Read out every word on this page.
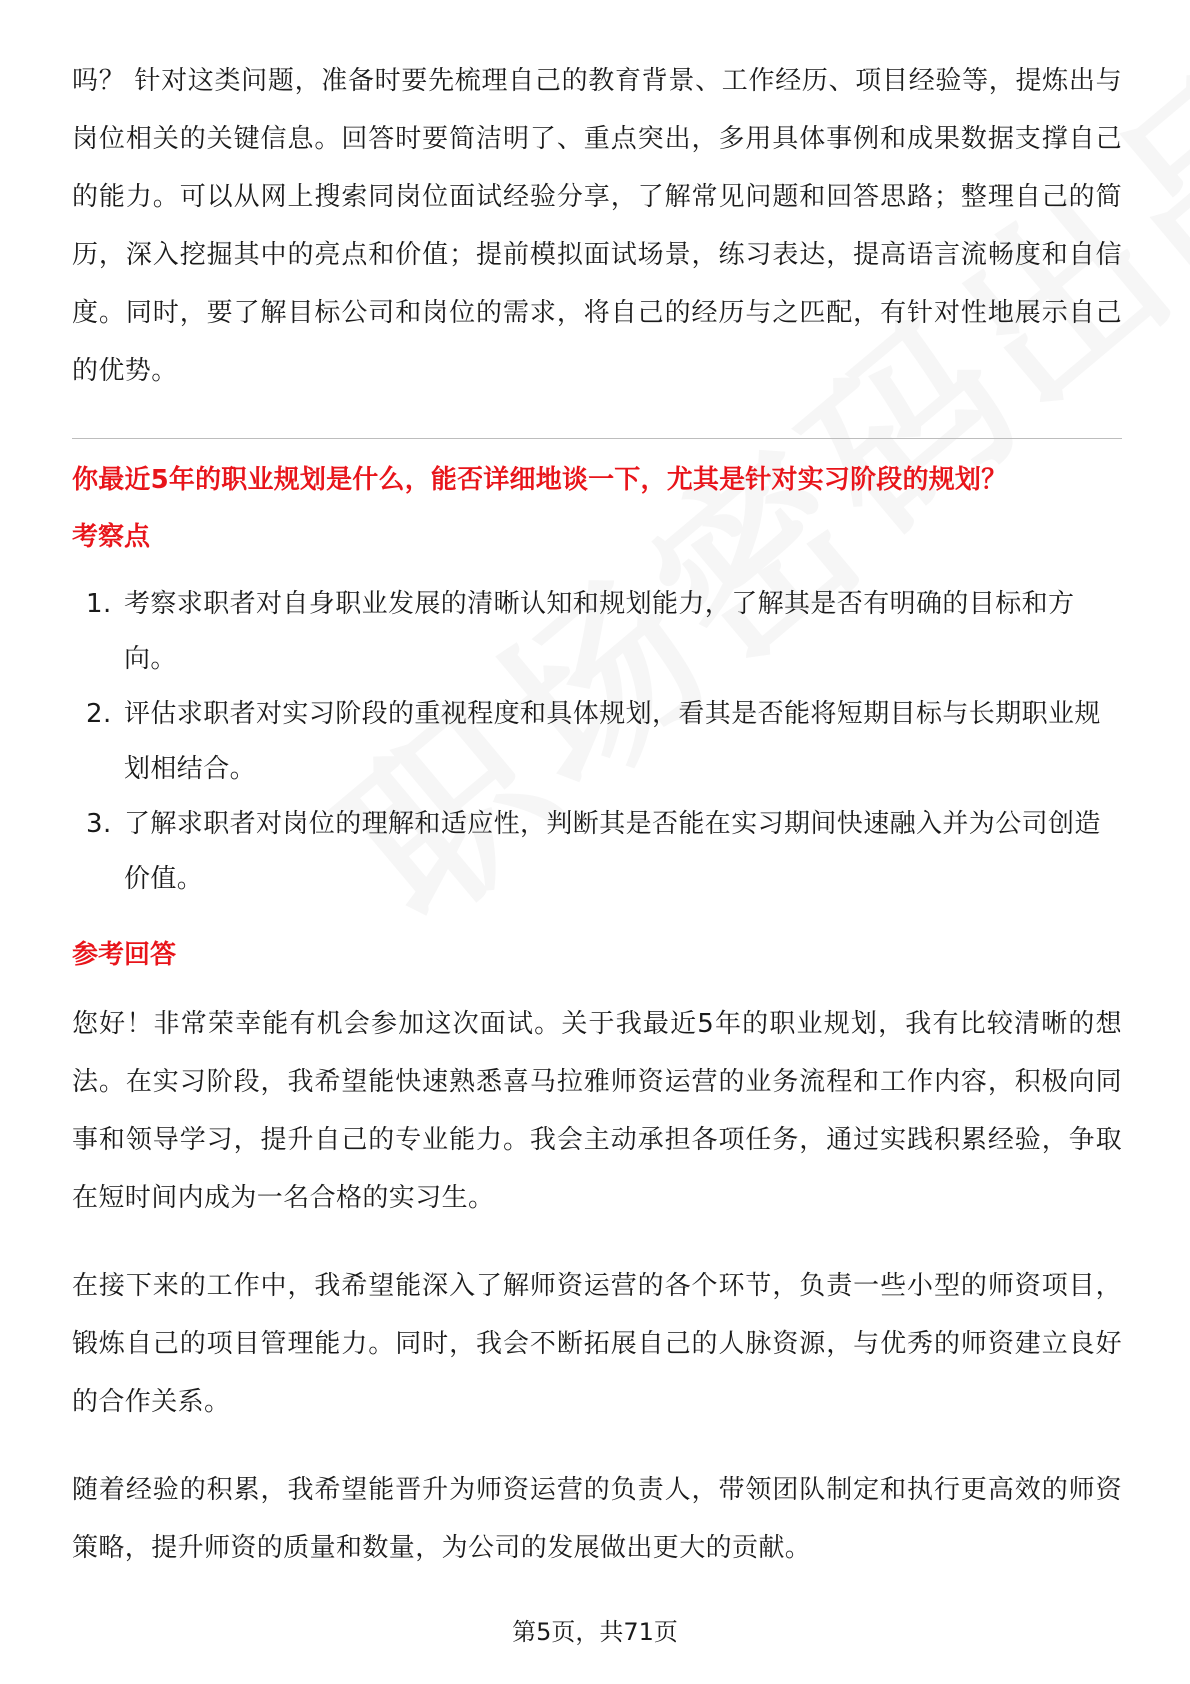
吗？ 针对这类问题，准备时要先梳理自己的教育背景、工作经历、项目经验等，提炼出与岗位相关的关键信息。回答时要简洁明了、重点突出，多用具体事例和成果数据支撑自己的能力。可以从网上搜索同岗位面试经验分享，了解常见问题和回答思路；整理自己的简历，深入挖掘其中的亮点和价值；提前模拟面试场景，练习表达，提高语言流畅度和自信度。同时，要了解目标公司和岗位的需求，将自己的经历与之匹配，有针对性地展示自己的优势。

你最近5年的职业规划是什么，能否详细地谈一下，尤其是针对实习阶段的规划？

考察点

1. 考察求职者对自身职业发展的清晰认知和规划能力，了解其是否有明确的目标和方向。
2. 评估求职者对实习阶段的重视程度和具体规划，看其是否能将短期目标与长期职业规划相结合。
3. 了解求职者对岗位的理解和适应性，判断其是否能在实习期间快速融入并为公司创造价值。

参考回答

您好！非常荣幸能有机会参加这次面试。关于我最近5年的职业规划，我有比较清晰的想法。在实习阶段，我希望能快速熟悉喜马拉雅师资运营的业务流程和工作内容，积极向同事和领导学习，提升自己的专业能力。我会主动承担各项任务，通过实践积累经验，争取在短时间内成为一名合格的实习生。

在接下来的工作中，我希望能深入了解师资运营的各个环节，负责一些小型的师资项目，锻炼自己的项目管理能力。同时，我会不断拓展自己的人脉资源，与优秀的师资建立良好的合作关系。

随着经验的积累，我希望能晋升为师资运营的负责人，带领团队制定和执行更高效的师资策略，提升师资的质量和数量，为公司的发展做出更大的贡献。

第5页，共71页
